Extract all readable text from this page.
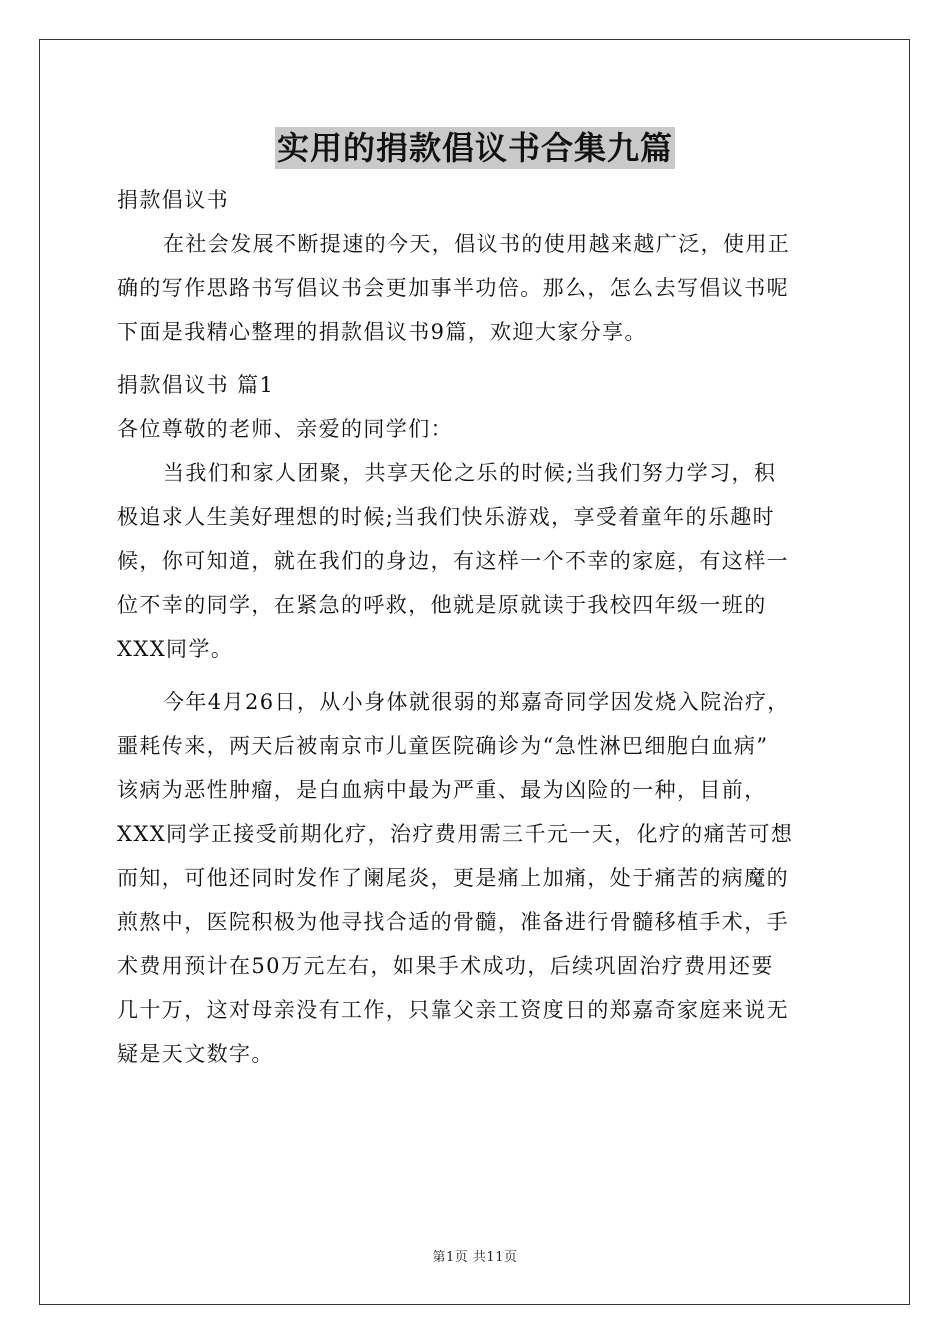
实用的捐款倡议书合集九篇
捐款倡议书
在社会发展不断提速的今天，倡议书的使用越来越广泛，使用正
确的写作思路书写倡议书会更加事半功倍。那么，怎么去写倡议书呢
下面是我精心整理的捐款倡议书9篇，欢迎大家分享。
捐款倡议书 篇1
各位尊敬的老师、亲爱的同学们：
当我们和家人团聚，共享天伦之乐的时候;当我们努力学习，积
极追求人生美好理想的时候;当我们快乐游戏，享受着童年的乐趣时
候，你可知道，就在我们的身边，有这样一个不幸的家庭，有这样一
位不幸的同学，在紧急的呼救，他就是原就读于我校四年级一班的
XXX同学。
今年4月26日，从小身体就很弱的郑嘉奇同学因发烧入院治疗，
噩耗传来，两天后被南京市儿童医院确诊为“急性淋巴细胞白血病”
该病为恶性肿瘤，是白血病中最为严重、最为凶险的一种，目前，
XXX同学正接受前期化疗，治疗费用需三千元一天，化疗的痛苦可想
而知，可他还同时发作了阑尾炎，更是痛上加痛，处于痛苦的病魔的
煎熬中，医院积极为他寻找合适的骨髓，准备进行骨髓移植手术，手
术费用预计在50万元左右，如果手术成功，后续巩固治疗费用还要
几十万，这对母亲没有工作，只靠父亲工资度日的郑嘉奇家庭来说无
疑是天文数字。
第1页 共11页
